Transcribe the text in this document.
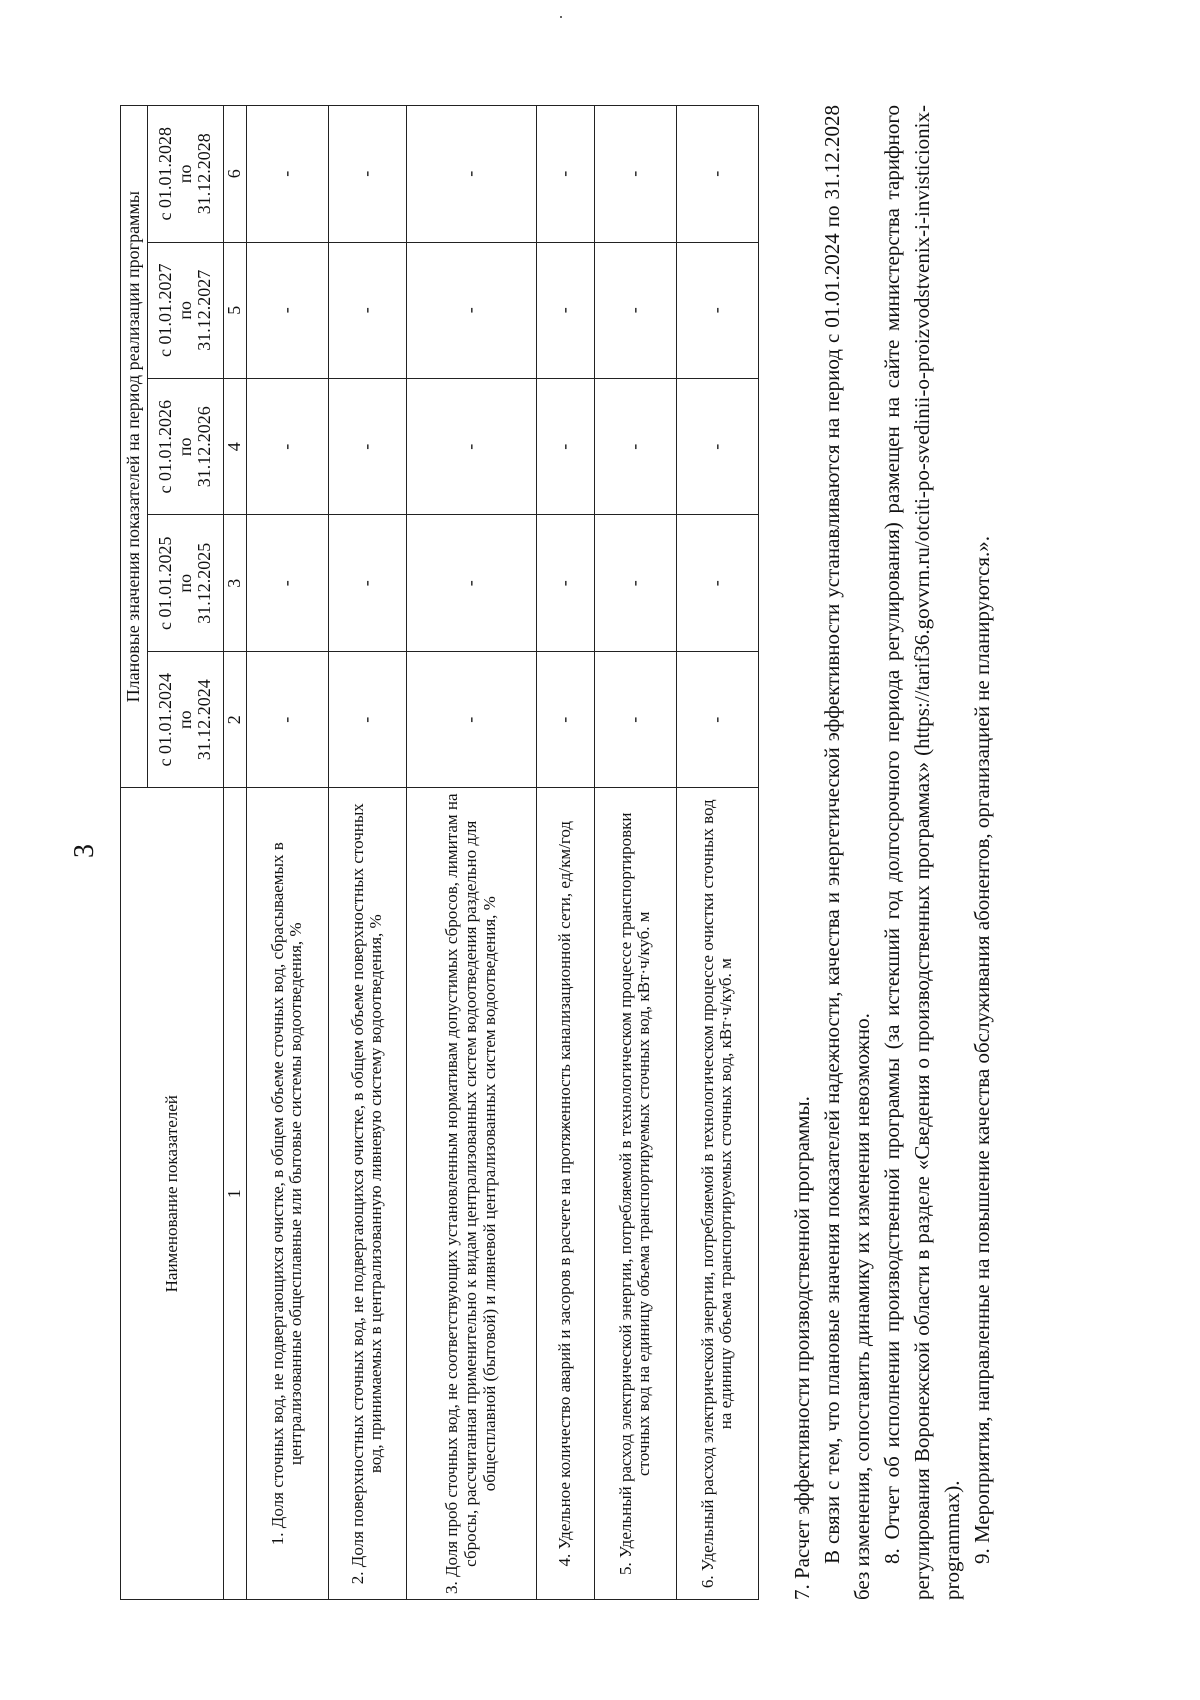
3
Наименование показателей	Плановые значения показателей на период реализации программы				

	с 01.01.2024 по 31.12.2024	с 01.01.2025 по 31.12.2025	с 01.01.2026 по 31.12.2026	с 01.01.2027 по 31.12.2027	с 01.01.2028 по 31.12.2028

1	2	3	4	5	6
1. Доля сточных вод, не подвергающихся очистке, в общем объеме сточных вод, сбрасываемых в централизованные общесплавные или бытовые системы водоотведения, %	-	-	-	-	-
2. Доля поверхностных сточных вод, не подвергающихся очистке, в общем объеме поверхностных сточных вод, принимаемых в централизованную ливневую систему водоотведения, %	-	-	-	-	-
3. Доля проб сточных вод, не соответствующих установленным нормативам допустимых сбросов, лимитам на сбросы, рассчитанная применительно к видам централизованных систем водоотведения раздельно для общесплавной (бытовой) и ливневой централизованных систем водоотведения, %	-	-	-	-	-
4. Удельное количество аварий и засоров в расчете на протяженность канализационной сети, ед/км/год	-	-	-	-	-
5. Удельный расход электрической энергии, потребляемой в технологическом процессе транспортировки сточных вод на единицу объема транспортируемых сточных вод, кВт·ч/куб. м	-	-	-	-	-
6. Удельный расход электрической энергии, потребляемой в технологическом процессе очистки сточных вод на единицу объема транспортируемых сточных вод, кВт·ч/куб. м	-	-	-	-	-

7. Расчет эффективности производственной программы. В связи с тем, что плановые значения показателей надежности, качества и энергетической эффективности устанавливаются на период с 01.01.2024 по 31.12.2028 без изменения, сопоставить динамику их изменения невозможно. 8. Отчет об исполнении производственной программы (за истекший год долгосрочного периода регулирования) размещен на сайте министерства тарифного регулирования Воронежской области в разделе «Сведения о производственных программах» (https://tarif36.govvrn.ru/otciti-po-svedinii-o-proizvodstvenix-i-invisticionix-programmax). 9. Мероприятия, направленные на повышение качества обслуживания абонентов, организацией не планируются.».
